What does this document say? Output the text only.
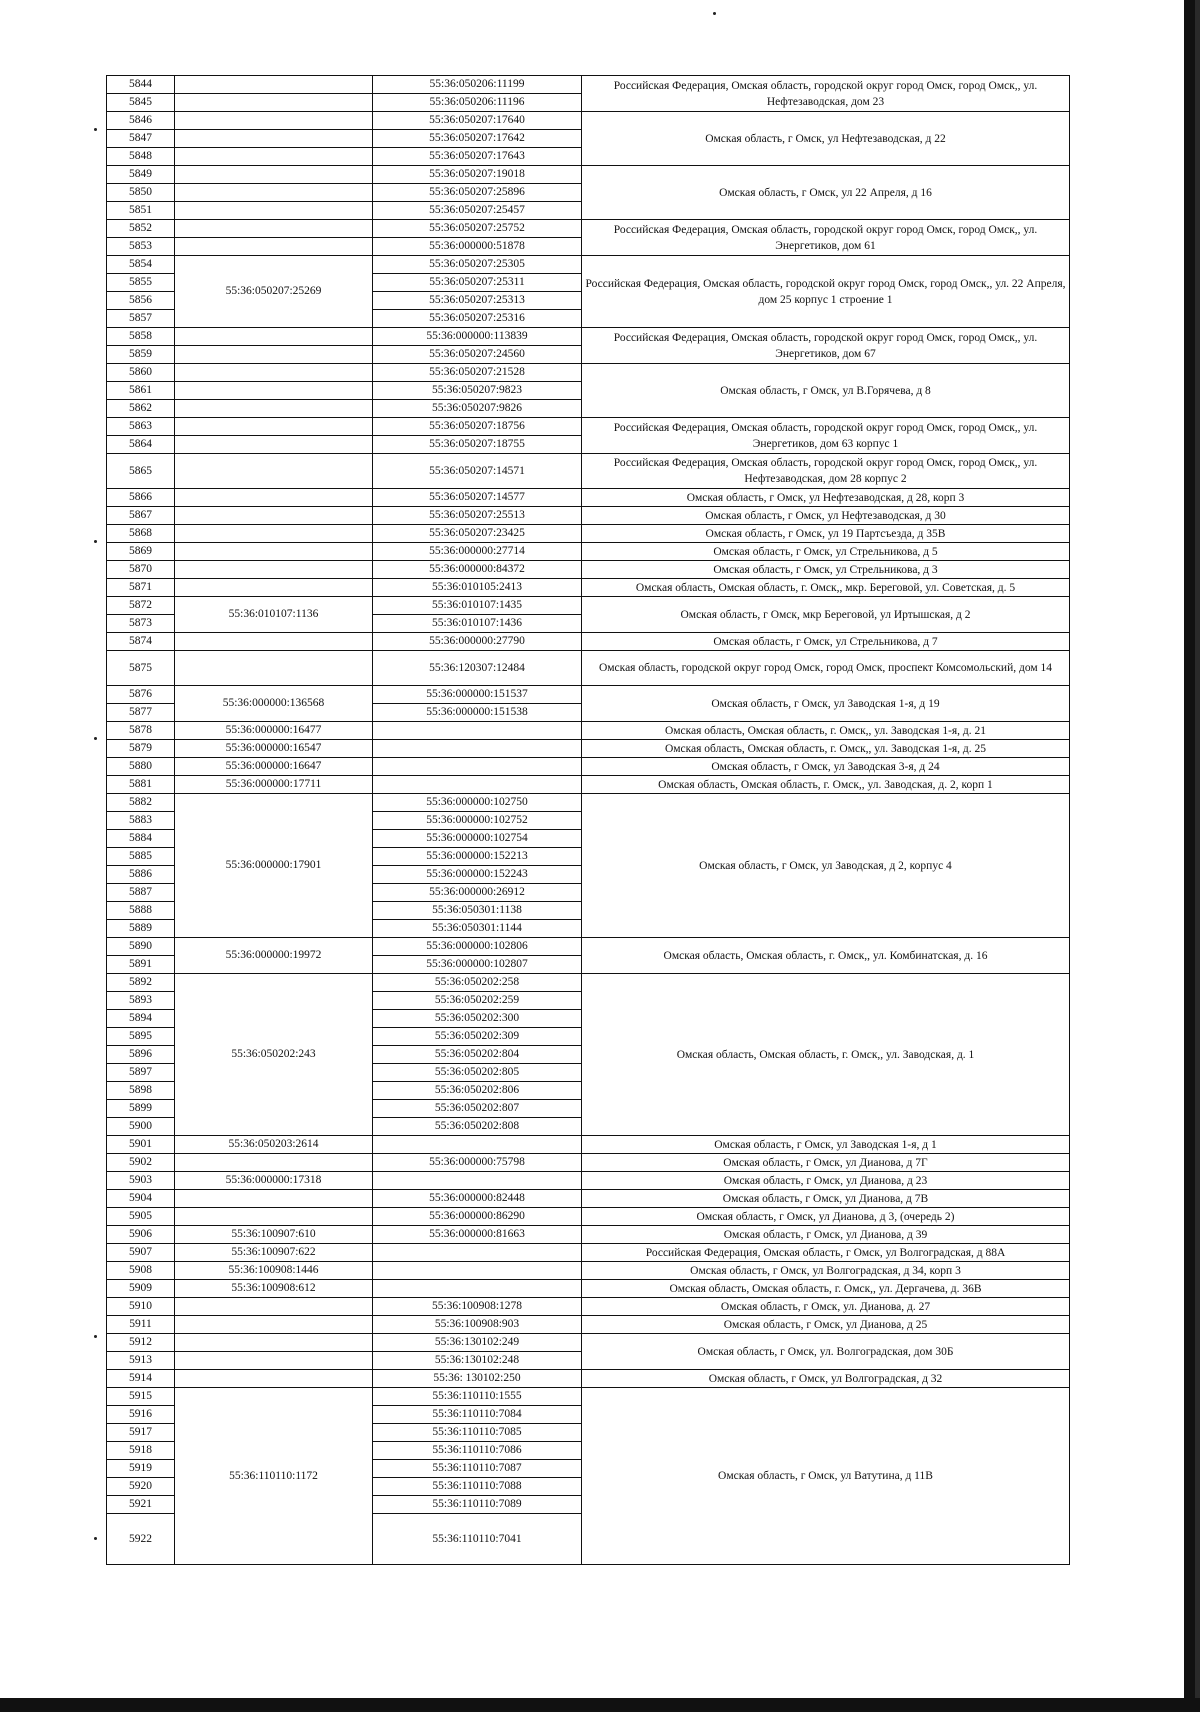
5844		55:36:050206:11199	Российская Федерация, Омская область, городской округ город Омск, город Омск,, ул. Нефтезаводская, дом 23
5845		55:36:050206:11196	
5846		55:36:050207:17640	Омская область, г Омск, ул Нефтезаводская, д 22
5847		55:36:050207:17642	
5848		55:36:050207:17643	
5849		55:36:050207:19018	Омская область, г Омск, ул 22 Апреля, д 16
5850		55:36:050207:25896	
5851		55:36:050207:25457	
5852		55:36:050207:25752	Российская Федерация, Омская область, городской округ город Омск, город Омск,, ул. Энергетиков, дом 61
5853		55:36:000000:51878	
5854	55:36:050207:25269	55:36:050207:25305	Российская Федерация, Омская область, городской округ город Омск, город Омск,, ул. 22 Апреля, дом 25 корпус 1 строение 1
5855		55:36:050207:25311	
5856		55:36:050207:25313	
5857		55:36:050207:25316	
5858		55:36:000000:113839	Российская Федерация, Омская область, городской округ город Омск, город Омск,, ул. Энергетиков, дом 67
5859		55:36:050207:24560	
5860		55:36:050207:21528	Омская область, г Омск, ул В.Горячева, д 8
5861		55:36:050207:9823	
5862		55:36:050207:9826	
5863		55:36:050207:18756	Российская Федерация, Омская область, городской округ город Омск, город Омск,, ул. Энергетиков, дом 63 корпус 1
5864		55:36:050207:18755	
5865		55:36:050207:14571	Российская Федерация, Омская область, городской округ город Омск, город Омск,, ул. Нефтезаводская, дом 28 корпус 2
5866		55:36:050207:14577	Омская область, г Омск, ул Нефтезаводская, д 28, корп 3
5867		55:36:050207:25513	Омская область, г Омск, ул Нефтезаводская, д 30
5868		55:36:050207:23425	Омская область, г Омск, ул 19 Партсъезда, д 35В
5869		55:36:000000:27714	Омская область, г Омск, ул Стрельникова, д 5
5870		55:36:000000:84372	Омская область, г Омск, ул Стрельникова, д 3
5871		55:36:010105:2413	Омская область, Омская область, г. Омск,, мкр. Береговой, ул. Советская, д. 5
5872	55:36:010107:1136	55:36:010107:1435	Омская область, г Омск, мкр Береговой, ул Иртышская, д 2
5873		55:36:010107:1436	
5874		55:36:000000:27790	Омская область, г Омск, ул Стрельникова, д 7
5875		55:36:120307:12484	Омская область, городской округ город Омск, город Омск, проспект Комсомольский, дом 14
5876	55:36:000000:136568	55:36:000000:151537	Омская область, г Омск, ул Заводская 1-я, д 19
5877		55:36:000000:151538	
5878	55:36:000000:16477		Омская область, Омская область, г. Омск,, ул. Заводская 1-я, д. 21
5879	55:36:000000:16547		Омская область, Омская область, г. Омск,, ул. Заводская 1-я, д. 25
5880	55:36:000000:16647		Омская область, г Омск, ул Заводская 3-я, д 24
5881	55:36:000000:17711		Омская область, Омская область, г. Омск,, ул. Заводская, д. 2, корп 1
5882	55:36:000000:17901	55:36:000000:102750	Омская область, г Омск, ул Заводская, д 2, корпус 4
5883		55:36:000000:102752	
5884		55:36:000000:102754	
5885		55:36:000000:152213	
5886		55:36:000000:152243	
5887		55:36:000000:26912	
5888		55:36:050301:1138	
5889		55:36:050301:1144	
5890	55:36:000000:19972	55:36:000000:102806	Омская область, Омская область, г. Омск,, ул. Комбинатская, д. 16
5891		55:36:000000:102807	
5892	55:36:050202:243	55:36:050202:258	Омская область, Омская область, г. Омск,, ул. Заводская, д. 1
5893		55:36:050202:259	
5894		55:36:050202:300	
5895		55:36:050202:309	
5896		55:36:050202:804	
5897		55:36:050202:805	
5898		55:36:050202:806	
5899		55:36:050202:807	
5900		55:36:050202:808	
5901	55:36:050203:2614		Омская область, г Омск, ул Заводская 1-я, д 1
5902		55:36:000000:75798	Омская область, г Омск, ул Дианова, д 7Г
5903	55:36:000000:17318		Омская область, г Омск, ул Дианова, д 23
5904		55:36:000000:82448	Омская область, г Омск, ул Дианова, д 7В
5905		55:36:000000:86290	Омская область, г Омск, ул Дианова, д 3, (очередь 2)
5906	55:36:100907:610	55:36:000000:81663	Омская область, г Омск, ул Дианова, д 39
5907	55:36:100907:622		Российская Федерация, Омская область, г Омск, ул Волгоградская, д 88А
5908	55:36:100908:1446		Омская область, г Омск, ул Волгоградская, д 34, корп 3
5909	55:36:100908:612		Омская область, Омская область, г. Омск,, ул. Дергачева, д. 36В
5910		55:36:100908:1278	Омская область, г Омск, ул. Дианова, д. 27
5911		55:36:100908:903	Омская область, г Омск, ул Дианова, д 25
5912		55:36:130102:249	Омская область, г Омск, ул. Волгоградская, дом 30Б
5913		55:36:130102:248	
5914		55:36: 130102:250	Омская область, г Омск, ул Волгоградская, д 32
5915	55:36:110110:1172	55:36:110110:1555	Омская область, г Омск, ул Ватутина, д 11В
5916		55:36:110110:7084	
5917		55:36:110110:7085	
5918		55:36:110110:7086	
5919		55:36:110110:7087	
5920		55:36:110110:7088	
5921		55:36:110110:7089	
5922		55:36:110110:7041	
